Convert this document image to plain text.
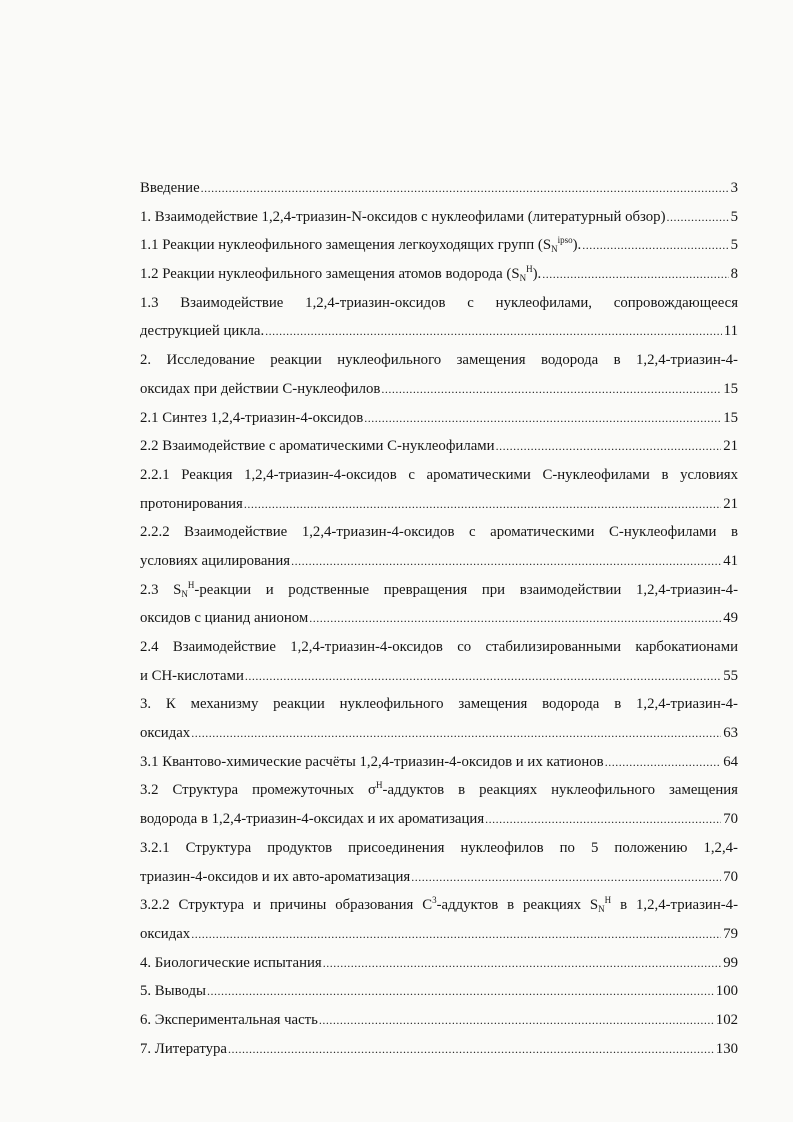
Введение .....	3
1. Взаимодействие 1,2,4-триазин-N-оксидов с нуклеофилами (литературный обзор) .....	5
1.1 Реакции нуклеофильного замещения легкоуходящих групп $(S_N^{ipso})$. .....	5
1.2 Реакции нуклеофильного замещения атомов водорода $(S_N^H)$. .....	8
1.3 Взаимодействие 1,2,4-триазин-оксидов с нуклеофилами, сопровождающееся
деструкцией цикла. .....	11
2. Исследование реакции нуклеофильного замещения водорода в 1,2,4-триазин-4-
оксидах при действии С-нуклеофилов .....	15
2.1 Синтез 1,2,4-триазин-4-оксидов .....	15
2.2 Взаимодействие с ароматическими С-нуклеофилами .....	21
2.2.1 Реакция 1,2,4-триазин-4-оксидов с ароматическими С-нуклеофилами в условиях
протонирования .....	21
2.2.2 Взаимодействие 1,2,4-триазин-4-оксидов с ароматическими С-нуклеофилами в
условиях ацилирования .....	41
2.3 $S_N^H$-реакции и родственные превращения при взаимодействии 1,2,4-триазин-4-
оксидов с цианид анионом .....	49
2.4 Взаимодействие 1,2,4-триазин-4-оксидов со стабилизированными карбокатионами
и СН-кислотами .....	55
3. К механизму реакции нуклеофильного замещения водорода в 1,2,4-триазин-4-
оксидах .....	63
3.1 Квантово-химические расчёты 1,2,4-триазин-4-оксидов и их катионов .....	64
3.2 Структура промежуточных $\sigma^H$-аддуктов в реакциях нуклеофильного замещения
водорода в 1,2,4-триазин-4-оксидах и их ароматизация .....	70
3.2.1 Структура продуктов присоединения нуклеофилов по 5 положению 1,2,4-
триазин-4-оксидов и их авто-ароматизация .....	70
3.2.2 Структура и причины образования $С^3$-аддуктов в реакциях $S_N^H$ в 1,2,4-триазин-4-
оксидах .....	79
4. Биологические испытания .....	99
5. Выводы .....	100
6. Экспериментальная часть .....	102
7. Литература .....	130
